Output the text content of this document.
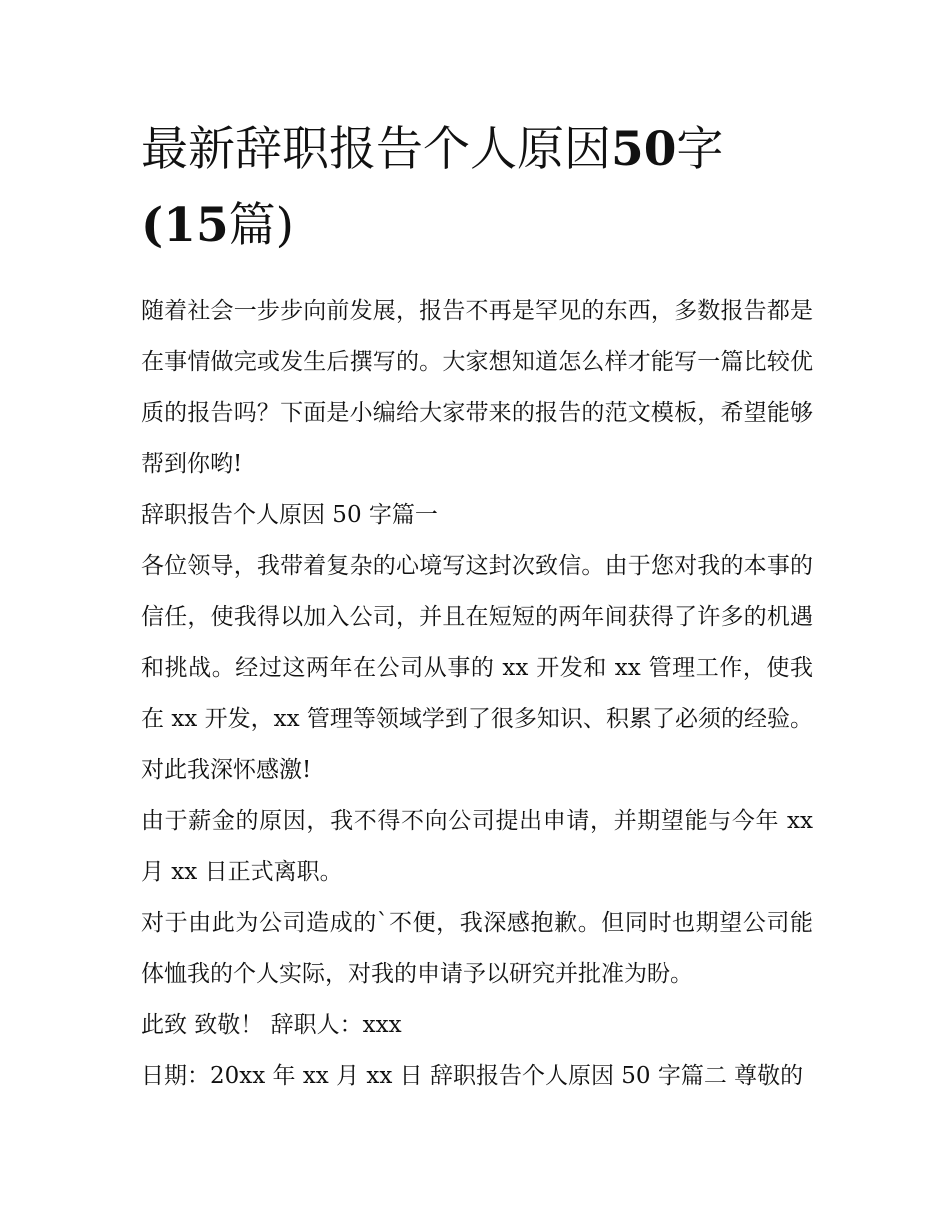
最新辞职报告个人原因50字
(15篇)

随着社会一步步向前发展，报告不再是罕见的东西，多数报告都是在事情做完或发生后撰写的。大家想知道怎么样才能写一篇比较优质的报告吗？下面是小编给大家带来的报告的范文模板，希望能够帮到你哟!

辞职报告个人原因 50 字篇一

各位领导，我带着复杂的心境写这封次致信。由于您对我的本事的信任，使我得以加入公司，并且在短短的两年间获得了许多的机遇和挑战。经过这两年在公司从事的 xx 开发和 xx 管理工作，使我在 xx 开发，xx 管理等领域学到了很多知识、积累了必须的经验。对此我深怀感激!

由于薪金的原因，我不得不向公司提出申请，并期望能与今年 xx 月 xx 日正式离职。

对于由此为公司造成的`不便，我深感抱歉。但同时也期望公司能体恤我的个人实际，对我的申请予以研究并批准为盼。

此致 致敬！ 辞职人：xxx

日期：20xx 年 xx 月 xx 日 辞职报告个人原因 50 字篇二 尊敬的
